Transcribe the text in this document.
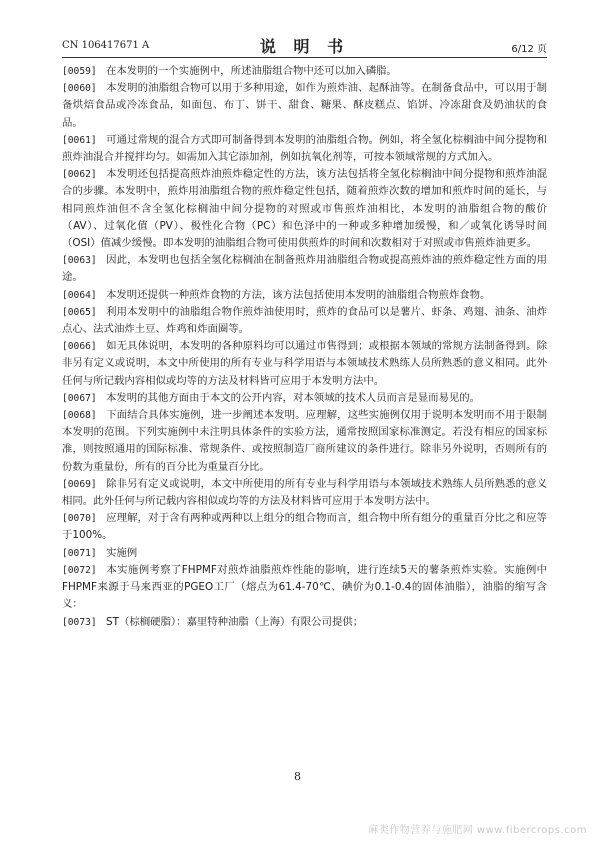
CN 106417671 A	说 明 书	6/12 页

[0059] 在本发明的一个实施例中，所述油脂组合物中还可以加入磷脂。

[0060] 本发明的油脂组合物可以用于多种用途，如作为煎炸油、起酥油等。在制备食品中，可以用于制备烘焙食品或冷冻食品，如面包、布丁、饼干、甜食、糖果、酥皮糕点、馅饼、冷冻甜食及奶油状的食品。

[0061] 可通过常规的混合方式即可制备得到本发明的油脂组合物。例如，将全氢化棕榈油中间分提物和煎炸油混合并搅拌均匀。如需加入其它添加剂，例如抗氧化剂等，可按本领域常规的方式加入。

[0062] 本发明还包括提高煎炸油煎炸稳定性的方法，该方法包括将全氢化棕榈油中间分提物和煎炸油混合的步骤。本发明中，煎炸用油脂组合物的煎炸稳定性包括，随着煎炸次数的增加和煎炸时间的延长，与相同煎炸油但不含全氢化棕榈油中间分提物的对照或市售煎炸油相比，本发明的油脂组合物的酸价（AV）、过氧化值（PV）、极性化合物（PC）和色泽中的一种或多种增加缓慢，和／或氧化诱导时间（OSI）值减少缓慢。即本发明的油脂组合物可使用供煎炸的时间和次数相对于对照或市售煎炸油更多。

[0063] 因此，本发明也包括全氢化棕榈油在制备煎炸用油脂组合物或提高煎炸油的煎炸稳定性方面的用途。

[0064] 本发明还提供一种煎炸食物的方法，该方法包括使用本发明的油脂组合物煎炸食物。

[0065] 利用本发明中的油脂组合物作煎炸油使用时，煎炸的食品可以是薯片、虾条、鸡翅、油条、油炸点心、法式油炸土豆、炸鸡和炸面圈等。

[0066] 如无具体说明，本发明的各种原料均可以通过市售得到；或根据本领域的常规方法制备得到。除非另有定义或说明，本文中所使用的所有专业与科学用语与本领域技术熟练人员所熟悉的意义相同。此外任何与所记载内容相似或均等的方法及材料皆可应用于本发明方法中。

[0067] 本发明的其他方面由于本文的公开内容，对本领域的技术人员而言是显而易见的。

[0068] 下面结合具体实施例，进一步阐述本发明。应理解，这些实施例仅用于说明本发明而不用于限制本发明的范围。下列实施例中未注明具体条件的实验方法，通常按照国家标准测定。若没有相应的国家标准，则按照通用的国际标准、常规条件、或按照制造厂商所建议的条件进行。除非另外说明，否则所有的份数为重量份，所有的百分比为重量百分比。

[0069] 除非另有定义或说明，本文中所使用的所有专业与科学用语与本领域技术熟练人员所熟悉的意义相同。此外任何与所记载内容相似或均等的方法及材料皆可应用于本发明方法中。

[0070] 应理解，对于含有两种或两种以上组分的组合物而言，组合物中所有组分的重量百分比之和应等于100%。

[0071] 实施例

[0072] 本实施例考察了FHPMF对煎炸油脂煎炸性能的影响，进行连续5天的薯条煎炸实验。实施例中FHPMF来源于马来西亚的PGEO工厂（熔点为61.4-70℃、碘价为0.1-0.4的固体油脂），油脂的缩写含义：

[0073] ST（棕榈硬脂）：嘉里特种油脂（上海）有限公司提供；

8
麻类作物营养与施肥网 www.fibercrops.com
